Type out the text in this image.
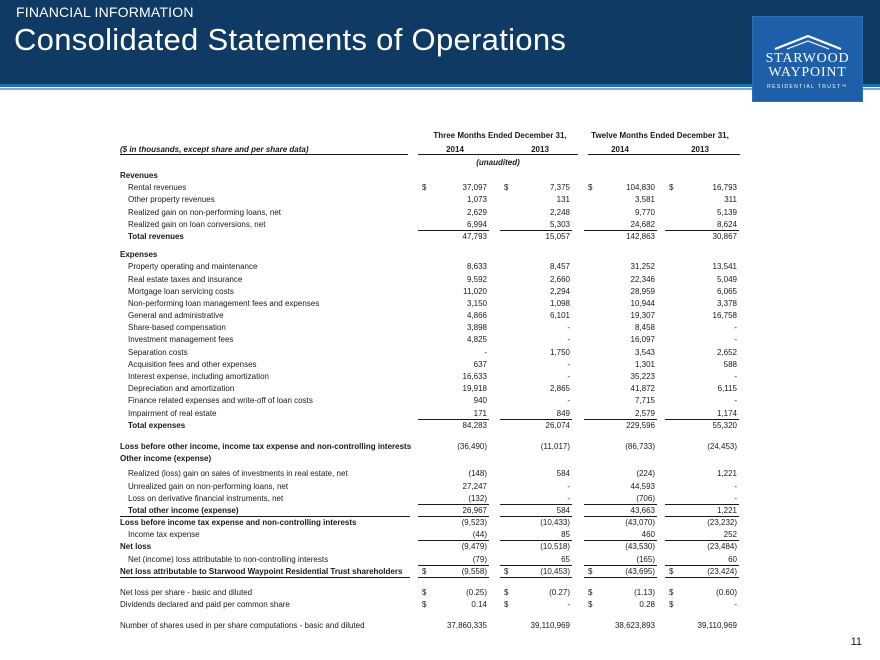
FINANCIAL INFORMATION
Consolidated Statements of Operations
STARWOOD
WAYPOINT
RESIDENTIAL TRUST™
Three Months Ended December 31,	Twelve Months Ended December 31,
($ in thousands, except share and per share data)	2014	2013	2014	2013
(unaudited)
Revenues
Rental revenues	$	37,097 $	7,375 $	104,830 $	16,793
Other property revenues	1,073	131	3,581	311
Realized gain on non-performing loans, net	2,629	2,248	9,770	5,139
Realized gain on loan conversions, net	6,994	5,303	24,682	8,624
Total revenues	47,793	15,057	142,863	30,867
Expenses
Property operating and maintenance	8,633	8,457	31,252	13,541
Real estate taxes and insurance	9,592	2,660	22,346	5,049
Mortgage loan servicing costs	11,020	2,294	28,959	6,065
Non-performing loan management fees and expenses	3,150	1,098	10,944	3,378
General and administrative	4,866	6,101	19,307	16,758
Share-based compensation	3,898	-	8,458	-
Investment management fees	4,825	-	16,097	-
Separation costs	-	1,750	3,543	2,652
Acquisition fees and other expenses	637	-	1,301	588
Interest expense, including amortization	16,633	-	35,223	-
Depreciation and amortization	19,918	2,865	41,872	6,115
Finance related expenses and write-off of loan costs	940	-	7,715	-
Impairment of real estate	171	849	2,579	1,174
Total expenses	84,283	26,074	229,596	55,320
Loss before other income, income tax expense and non-controlling interests	(36,490)	(11,017)	(86,733)	(24,453)
Other income (expense)
Realized (loss) gain on sales of investments in real estate, net	(148)	584	(224)	1,221
Unrealized gain on non-performing loans, net	27,247	-	44,593	-
Loss on derivative financial instruments, net	(132)	-	(706)	-
Total other income (expense)	26,967	584	43,663	1,221
Loss before income tax expense and non-controlling interests	(9,523)	(10,433)	(43,070)	(23,232)
Income tax expense	(44)	85	460	252
Net loss	(9,479)	(10,518)	(43,530)	(23,484)
Net (income) loss attributable to non-controlling interests	(79)	65	(165)	60
Net loss attributable to Starwood Waypoint Residential Trust shareholders $	(9,558) $	(10,453) $	(43,695) $	(23,424)
Net loss per share - basic and diluted	$	(0.25) $	(0.27) $	(1.13) $	(0.60)
Dividends declared and paid per common share	$	0.14 $	- $	0.28 $	-
Number of shares used in per share computations - basic and diluted	37,860,335	39,110,969	38,623,893	39,110,969
11
